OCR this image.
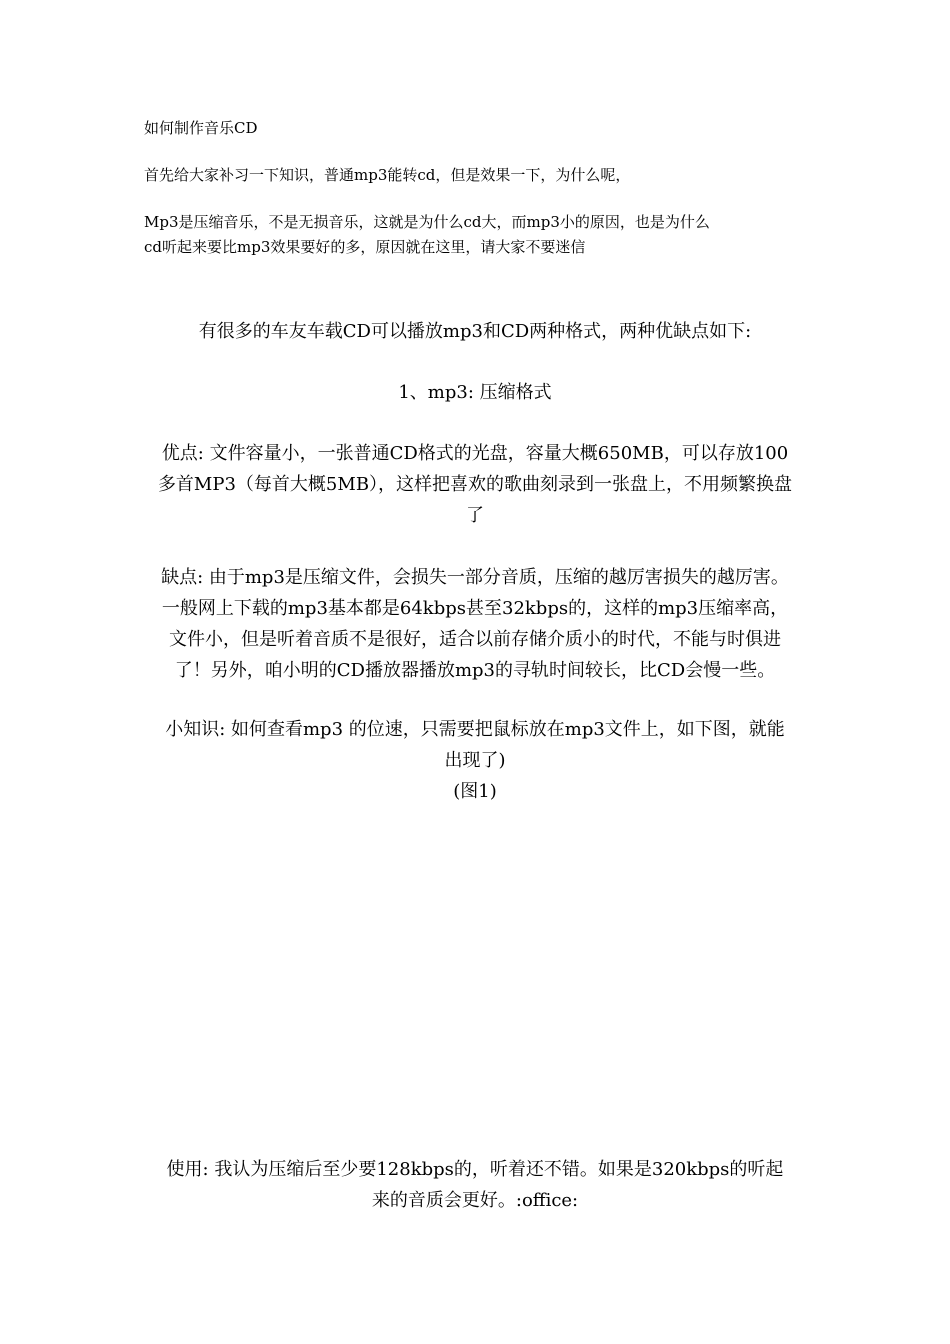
如何制作音乐CD
首先给大家补习一下知识，普通mp3能转cd，但是效果一下，为什么呢，
Mp3是压缩音乐，不是无损音乐，这就是为什么cd大，而mp3小的原因，也是为什么
cd听起来要比mp3效果要好的多，原因就在这里，请大家不要迷信
有很多的车友车载CD可以播放mp3和CD两种格式，两种优缺点如下:
1、mp3: 压缩格式
优点: 文件容量小，一张普通CD格式的光盘，容量大概650MB，可以存放100
多首MP3（每首大概5MB），这样把喜欢的歌曲刻录到一张盘上，不用频繁换盘
了
缺点: 由于mp3是压缩文件，会损失一部分音质，压缩的越厉害损失的越厉害。
一般网上下载的mp3基本都是64kbps甚至32kbps的，这样的mp3压缩率高，
文件小，但是听着音质不是很好，适合以前存储介质小的时代，不能与时俱进
了！另外，咱小明的CD播放器播放mp3的寻轨时间较长，比CD会慢一些。
小知识: 如何查看mp3 的位速，只需要把鼠标放在mp3文件上，如下图，就能
出现了)
(图1)
使用: 我认为压缩后至少要128kbps的，听着还不错。如果是320kbps的听起
来的音质会更好。:office:
